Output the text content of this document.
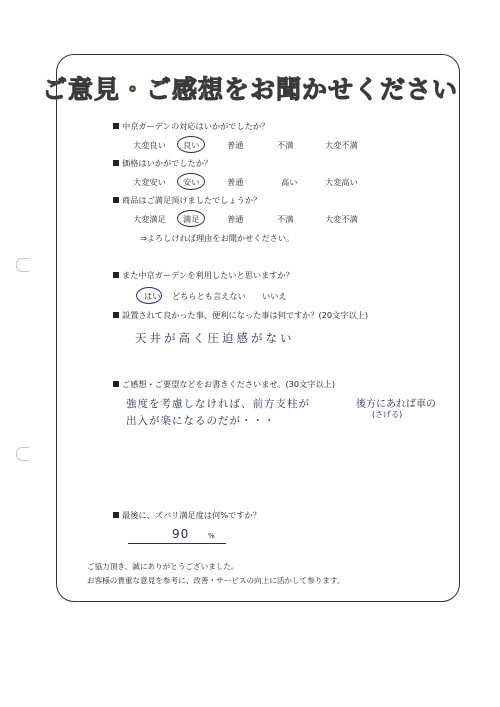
ご意見・ご感想をお聞かせください
中京ガーデンの対応はいかがでしたか？
大変良い 良い	普通	不満	大変不満
価格はいかがでしたか？
大変安い 安い	普通	高い	大変高い
商品はご満足頂けましたでしょうか？
大変満足 満足	普通	不満	大変不満
⇒よろしければ理由をお聞かせください。
また中京ガーデンを利用したいと思いますか？
はい どちらとも言えない いいえ
設置されて良かった事、便利になった事は何ですか？(20文字以上)
天井が高く圧迫感がない
ご感想・ご要望などをお書きくださいませ。(30文字以上)
強度を考慮しなければ、前方支柱が	後方にあれば車の
(さげる)
出入が楽になるのだが・・・
最後に、ズバリ満足度は何%ですか？
90	%
ご協力頂き、誠にありがとうございました。
お客様の貴重な意見を参考に、改善・サービスの向上に活かして参ります。
